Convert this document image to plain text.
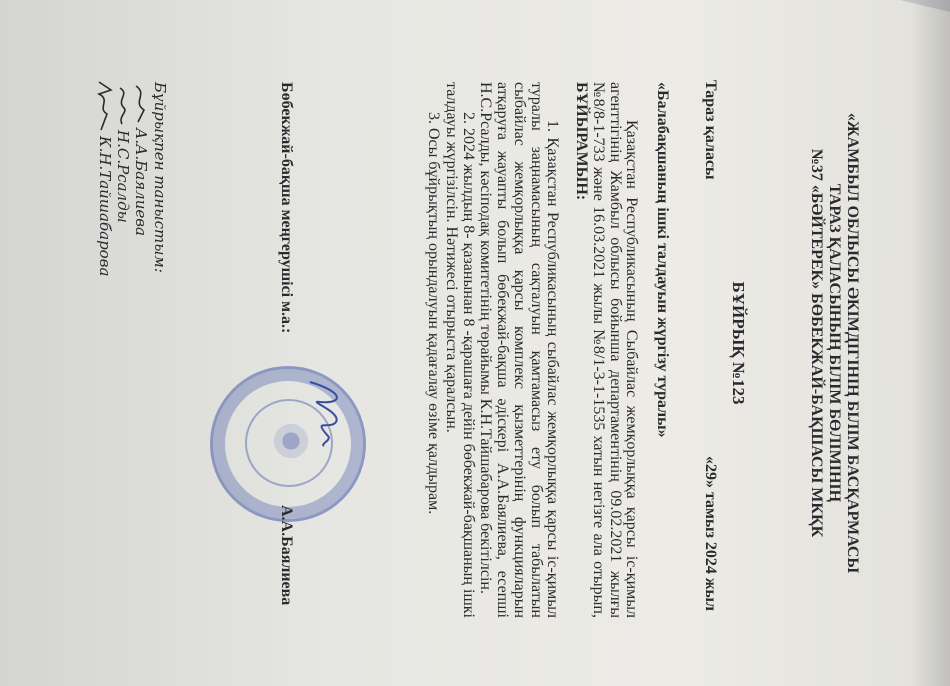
«ЖАМБЫЛ ОБЛЫСЫ ӘКІМДІГІНІҢ БІЛІМ БАСҚАРМАСЫ
ТАРАЗ ҚАЛАСЫНЫҢ БІЛІМ БӨЛІМІНІҢ
№37 «БӘЙТЕРЕК» БӨБЕКЖАЙ-БАҚШАСЫ МКҚК
БҰЙРЫҚ №123
Тараз қаласы
«29» тамыз 2024 жыл
«Балабақшаның ішкі талдауын жүргізу туралы»
Қазақстан Республикасының Сыбайлас жемқорлыққа қарсы іс-қимыл
агенттігінің Жамбыл облысы бойынша департаментінің 09.02.2021 жылғы
№8/8-1-733 және 16.03.2021 жылы №8/1-3-1-1535 хатын негізге ала отырып,
БҰЙЫРАМЫН:
1. Қазақстан Республикасының сыбайлас жемқорлыққа қарсы іс-қимыл
туралы заңнамасының сақталуын қамтамасыз ету болып табылатын
сыбайлас жемқорлыққа қарсы комплекс қызметтерінің функцияларын
атқаруға жауапты болып бөбекжай-бақша әдіскері А.А.Баялиева, есепші
Н.С.Рсалды, кәсіподақ комитетінің төрайымы К.Н.Тайшабарова бекітілсін.
2. 2024 жылдың 8- қазанынан 8 -қарашаға дейін бөбекжай-бақшаның ішкі
талдауы жүргізілсін. Нәтижесі отырыста қаралсын.
3. Осы бұйрықтың орындалуын қадағалау өзіме қалдырам.
Бөбекжай-бақша меңгерушісі м.а.:
А.А.Баялиева
Бұйрықпен таныстым:
А.А.Баялиева
Н.С.Рсалды
К.Н.Тайшабарова
